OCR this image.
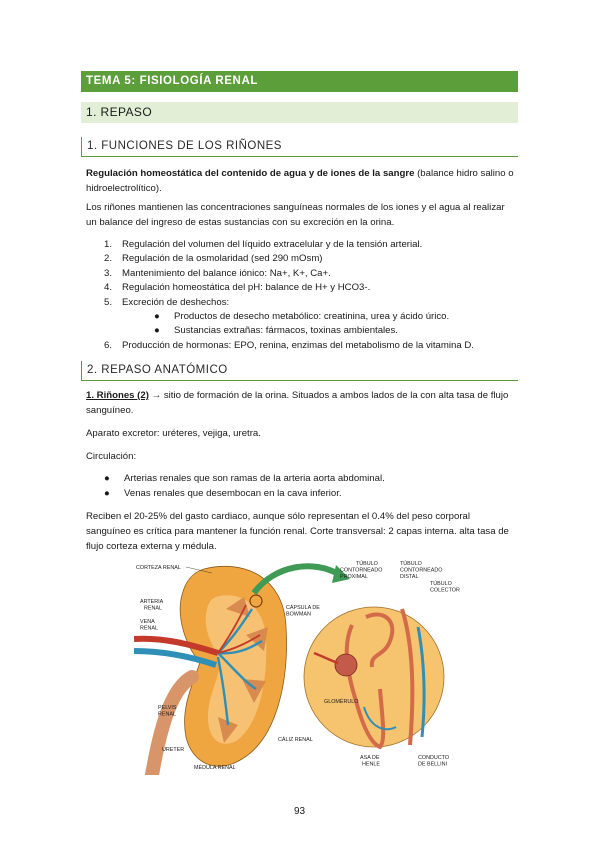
TEMA 5: FISIOLOGÍA RENAL
1. REPASO
1. FUNCIONES DE LOS RIÑONES
Regulación homeostática del contenido de agua y de iones de la sangre (balance hidro salino o hidroelectrolítico).
Los riñones mantienen las concentraciones sanguíneas normales de los iones y el agua al realizar un balance del ingreso de estas sustancias con su excreción en la orina.
1. Regulación del volumen del líquido extracelular y de la tensión arterial.
2. Regulación de la osmolaridad (sed 290 mOsm)
3. Mantenimiento del balance iónico: Na+, K+, Ca+.
4. Regulación homeostática del pH: balance de H+ y HCO3-.
5. Excreción de deshechos:
● Productos de desecho metabólico: creatinina, urea y ácido úrico.
● Sustancias extrañas: fármacos, toxinas ambientales.
6. Producción de hormonas: EPO, renina, enzimas del metabolismo de la vitamina D.
2. REPASO ANATÓMICO
1. Riñones (2) → sitio de formación de la orina. Situados a ambos lados de la con alta tasa de flujo sanguíneo.
Aparato excretor: uréteres, vejiga, uretra.
Circulación:
● Arterias renales que son ramas de la arteria aorta abdominal.
● Venas renales que desembocan en la cava inferior.
Reciben el 20-25% del gasto cardiaco, aunque sólo representan el 0.4% del peso corporal sanguíneo es crítica para mantener la función renal. Corte transversal: 2 capas interna. alta tasa de flujo corteza externa y médula.
CORTEZA RENAL
ARTERIA RENAL
VENA RENAL
PELVIS RENAL
URETER
MÉDULA RENAL
CÁLIZ RENAL
TÚBULO CONTORNEADO PROXIMAL
TÚBULO CONTORNEADO DISTAL
TÚBULO COLECTOR
CÁPSULA DE BOWMAN
GLOMÉRULO
ASA DE HENLE
CONDUCTO DE BELLINI
93
